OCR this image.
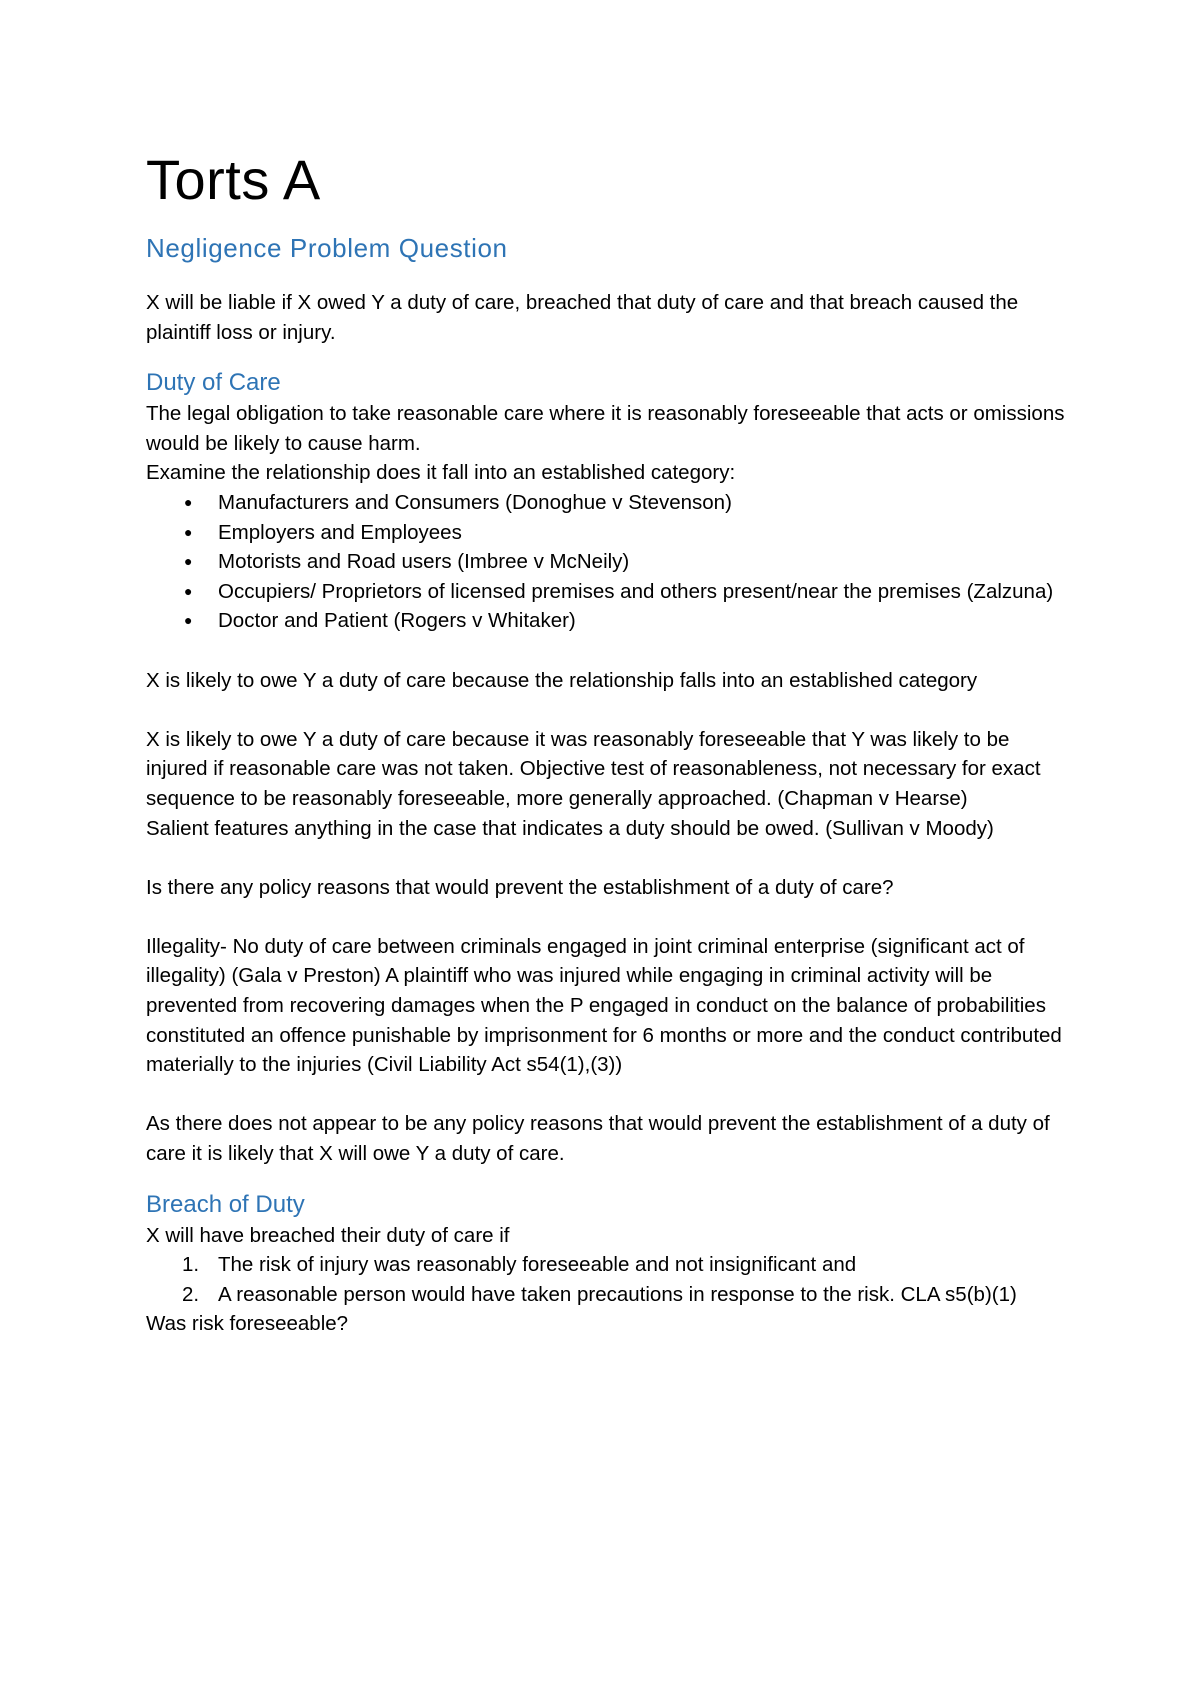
Torts A
Negligence Problem Question

X will be liable if X owed Y a duty of care, breached that duty of care and that breach caused the plaintiff loss or injury.

Duty of Care

The legal obligation to take reasonable care where it is reasonably foreseeable that acts or omissions would be likely to cause harm.

Examine the relationship does it fall into an established category:

● Manufacturers and Consumers (Donoghue v Stevenson)
● Employers and Employees
● Motorists and Road users (Imbree v McNeily)
● Occupiers/ Proprietors of licensed premises and others present/near the premises (Zalzuna)
● Doctor and Patient (Rogers v Whitaker)

X is likely to owe Y a duty of care because the relationship falls into an established category

X is likely to owe Y a duty of care because it was reasonably foreseeable that Y was likely to be injured if reasonable care was not taken. Objective test of reasonableness, not necessary for exact sequence to be reasonably foreseeable, more generally approached. (Chapman v Hearse)

Salient features anything in the case that indicates a duty should be owed. (Sullivan v Moody)

Is there any policy reasons that would prevent the establishment of a duty of care?

Illegality- No duty of care between criminals engaged in joint criminal enterprise (significant act of illegality) (Gala v Preston) A plaintiff who was injured while engaging in criminal activity will be prevented from recovering damages when the P engaged in conduct on the balance of probabilities constituted an offence punishable by imprisonment for 6 months or more and the conduct contributed materially to the injuries (Civil Liability Act s54(1),(3))

As there does not appear to be any policy reasons that would prevent the establishment of a duty of care it is likely that X will owe Y a duty of care.

Breach of Duty

X will have breached their duty of care if

1. The risk of injury was reasonably foreseeable and not insignificant and
2. A reasonable person would have taken precautions in response to the risk. CLA s5(b)(1)

Was risk foreseeable?
